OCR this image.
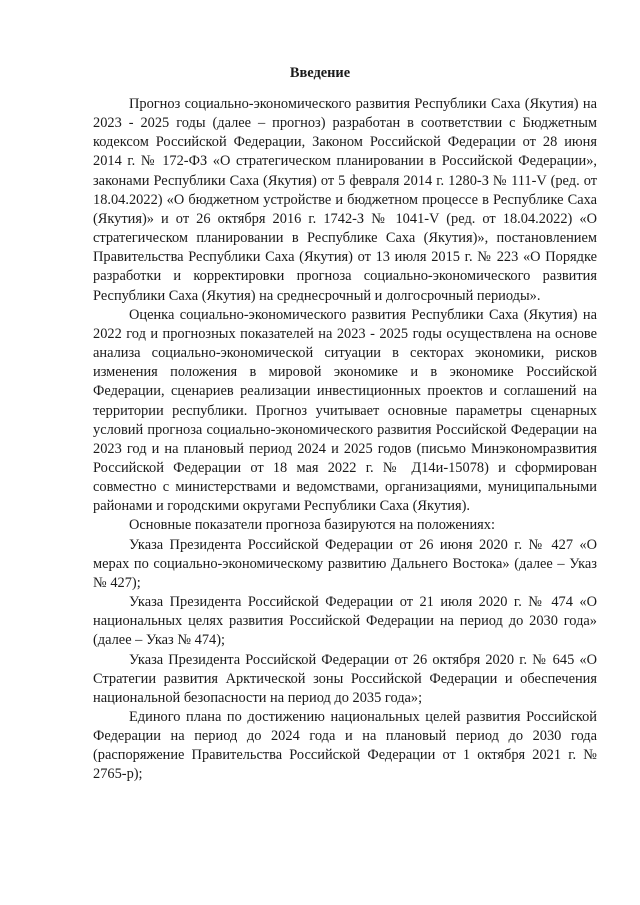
Введение

Прогноз социально-экономического развития Республики Саха (Якутия) на 2023 - 2025 годы (далее – прогноз) разработан в соответствии с Бюджетным кодексом Российской Федерации, Законом Российской Федерации от 28 июня 2014 г. № 172-ФЗ «О стратегическом планировании в Российской Федерации», законами Республики Саха (Якутия) от 5 февраля 2014 г. 1280-З № 111-V (ред. от 18.04.2022) «О бюджетном устройстве и бюджетном процессе в Республике Саха (Якутия)» и от 26 октября 2016 г. 1742-З № 1041-V (ред. от 18.04.2022) «О стратегическом планировании в Республике Саха (Якутия)», постановлением Правительства Республики Саха (Якутия) от 13 июля 2015 г. № 223 «О Порядке разработки и корректировки прогноза социально-экономического развития Республики Саха (Якутия) на среднесрочный и долгосрочный периоды».

Оценка социально-экономического развития Республики Саха (Якутия) на 2022 год и прогнозных показателей на 2023 - 2025 годы осуществлена на основе анализа социально-экономической ситуации в секторах экономики, рисков изменения положения в мировой экономике и в экономике Российской Федерации, сценариев реализации инвестиционных проектов и соглашений на территории республики. Прогноз учитывает основные параметры сценарных условий прогноза социально-экономического развития Российской Федерации на 2023 год и на плановый период 2024 и 2025 годов (письмо Минэкономразвития Российской Федерации от 18 мая 2022 г. № Д14и-15078) и сформирован совместно с министерствами и ведомствами, организациями, муниципальными районами и городскими округами Республики Саха (Якутия).

Основные показатели прогноза базируются на положениях:

Указа Президента Российской Федерации от 26 июня 2020 г. № 427 «О мерах по социально-экономическому развитию Дальнего Востока» (далее – Указ № 427);

Указа Президента Российской Федерации от 21 июля 2020 г. № 474 «О национальных целях развития Российской Федерации на период до 2030 года» (далее – Указ № 474);

Указа Президента Российской Федерации от 26 октября 2020 г. № 645 «О Стратегии развития Арктической зоны Российской Федерации и обеспечения национальной безопасности на период до 2035 года»;

Единого плана по достижению национальных целей развития Российской Федерации на период до 2024 года и на плановый период до 2030 года (распоряжение Правительства Российской Федерации от 1 октября 2021 г. № 2765-р);
